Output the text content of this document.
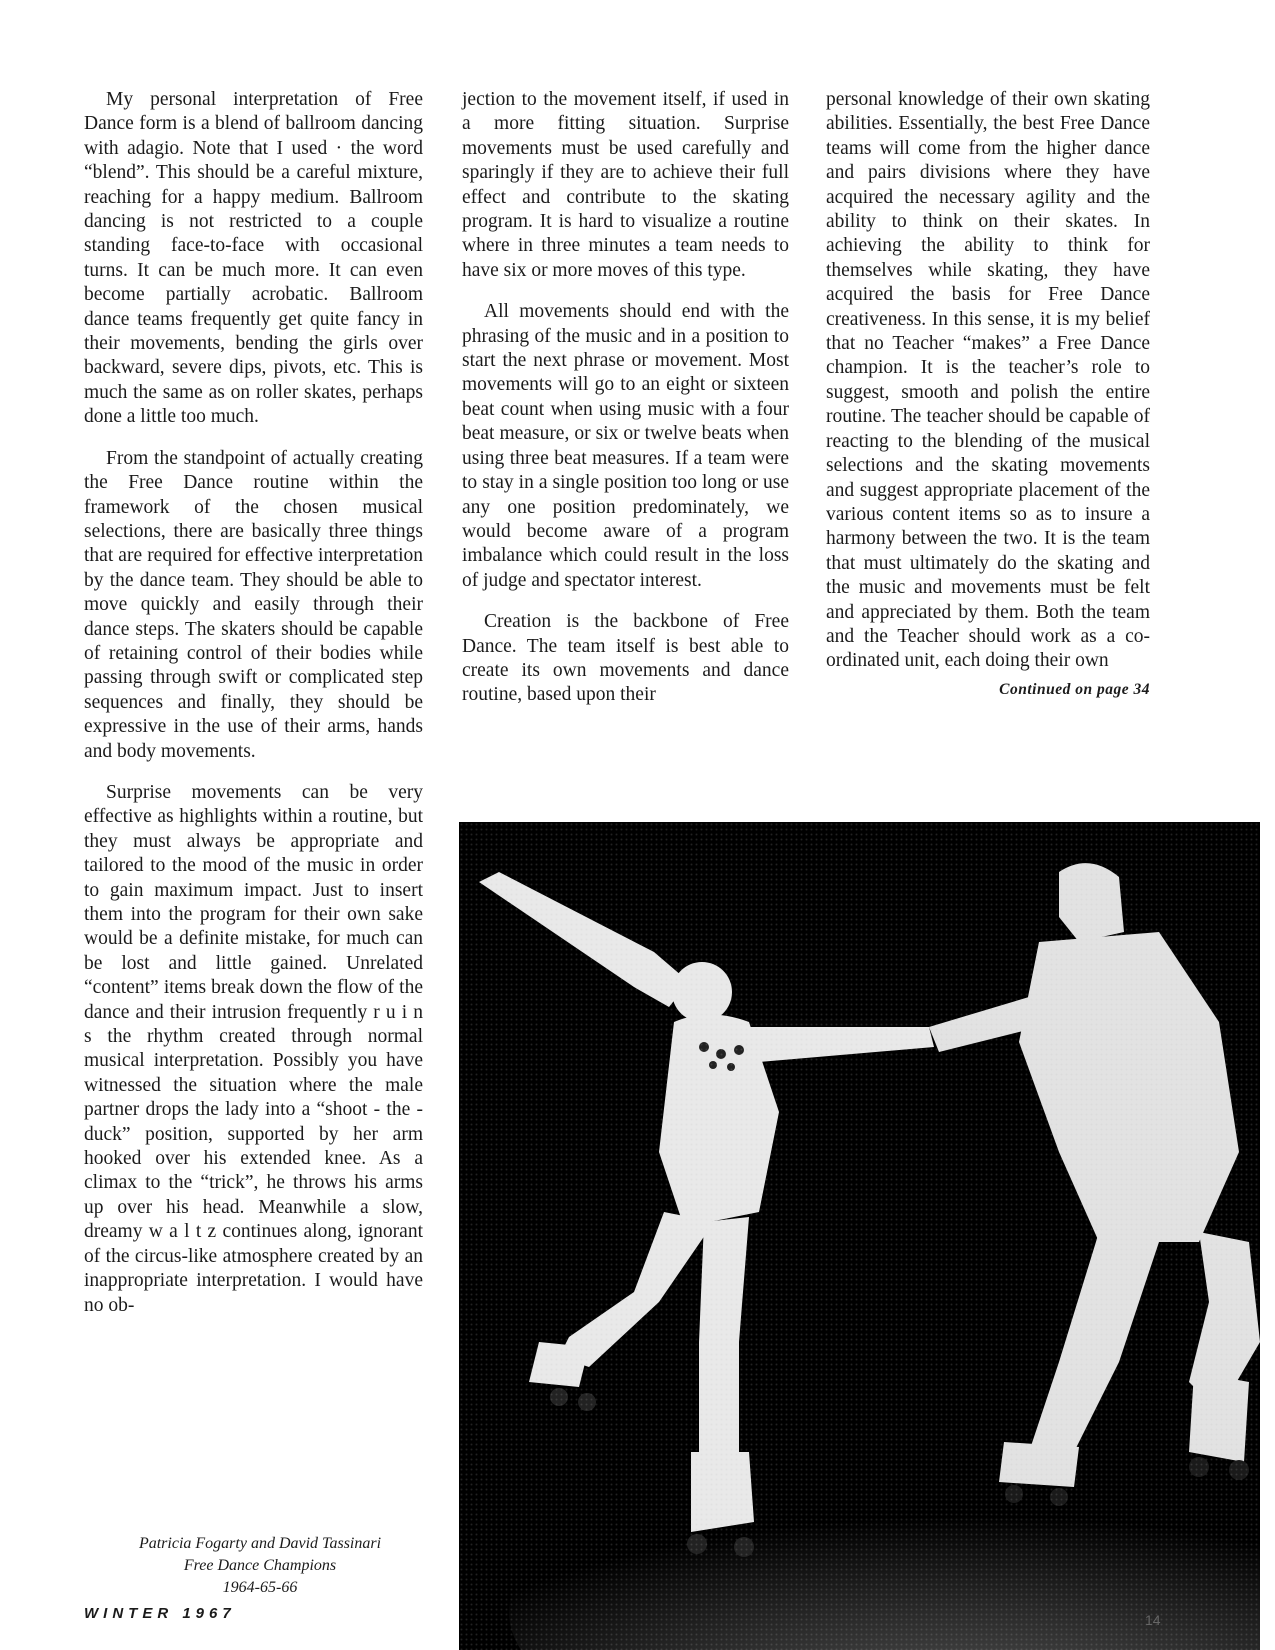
My personal interpretation of Free Dance form is a blend of ballroom dancing with adagio. Note that I used · the word “blend”. This should be a careful mixture, reaching for a happy medium. Ballroom dancing is not restricted to a couple standing face-to-face with occasional turns. It can be much more. It can even become partially acrobatic. Ballroom dance teams frequently get quite fancy in their movements, bending the girls over backward, severe dips, pivots, etc. This is much the same as on roller skates, perhaps done a little too much.

From the standpoint of actually creating the Free Dance routine within the framework of the chosen musical selections, there are basically three things that are required for effective interpretation by the dance team. They should be able to move quickly and easily through their dance steps. The skaters should be capable of retaining control of their bodies while passing through swift or complicated step sequences and finally, they should be expressive in the use of their arms, hands and body movements.

Surprise movements can be very effective as highlights within a routine, but they must always be appropriate and tailored to the mood of the music in order to gain maximum impact. Just to insert them into the program for their own sake would be a definite mistake, for much can be lost and little gained. Unrelated “content” items break down the flow of the dance and their intrusion frequently r u i n s the rhythm created through normal musical interpretation. Possibly you have witnessed the situation where the male partner drops the lady into a “shoot - the - duck” position, supported by her arm hooked over his extended knee. As a climax to the “trick”, he throws his arms up over his head. Meanwhile a slow, dreamy w a l t z continues along, ignorant of the circus-like atmosphere created by an inappropriate interpretation. I would have no ob-

jection to the movement itself, if used in a more fitting situation. Surprise movements must be used carefully and sparingly if they are to achieve their full effect and contribute to the skating program. It is hard to visualize a routine where in three minutes a team needs to have six or more moves of this type.

All movements should end with the phrasing of the music and in a position to start the next phrase or movement. Most movements will go to an eight or sixteen beat count when using music with a four beat measure, or six or twelve beats when using three beat measures. If a team were to stay in a single position too long or use any one position predominately, we would become aware of a program imbalance which could result in the loss of judge and spectator interest.

Creation is the backbone of Free Dance. The team itself is best able to create its own movements and dance routine, based upon their

personal knowledge of their own skating abilities. Essentially, the best Free Dance teams will come from the higher dance and pairs divisions where they have acquired the necessary agility and the ability to think on their skates. In achieving the ability to think for themselves while skating, they have acquired the basis for Free Dance creativeness. In this sense, it is my belief that no Teacher “makes” a Free Dance champion. It is the teacher’s role to suggest, smooth and polish the entire routine. The teacher should be capable of reacting to the blending of the musical selections and the skating movements and suggest appropriate placement of the various content items so as to insure a harmony between the two. It is the team that must ultimately do the skating and the music and movements must be felt and appreciated by them. Both the team and the Teacher should work as a co-ordinated unit, each doing their own

Continued on page 34
Patricia Fogarty and David Tassinari
Free Dance Champions
1964-65-66
WINTER 1967	14
